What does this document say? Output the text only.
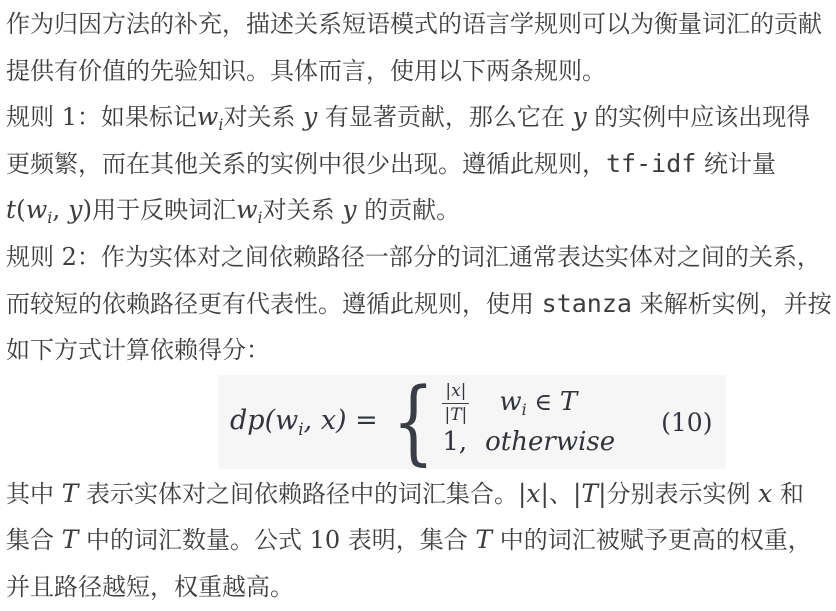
作为归因方法的补充，描述关系短语模式的语言学规则可以为衡量词汇的贡献
提供有价值的先验知识。具体而言，使用以下两条规则。
规则 1：如果标记$w_i$对关系 y 有显著贡献，那么它在 y 的实例中应该出现得
更频繁，而在其他关系的实例中很少出现。遵循此规则，tf-idf 统计量
$t(w_i$, y)用于反映词汇$w_i$对关系 y 的贡献。
规则 2：作为实体对之间依赖路径一部分的词汇通常表达实体对之间的关系，
而较短的依赖路径更有代表性。遵循此规则，使用 stanza 来解析实例，并按
如下方式计算依赖得分：
dp(wi, x) = { $\frac{|x|}{|T|}$ wi ∈ T
1, otherwise
(10)
其中 T 表示实体对之间依赖路径中的词汇集合。|x|、|T|分别表示实例 x 和
集合 T 中的词汇数量。公式 10 表明，集合 T 中的词汇被赋予更高的权重，
并且路径越短，权重越高。
